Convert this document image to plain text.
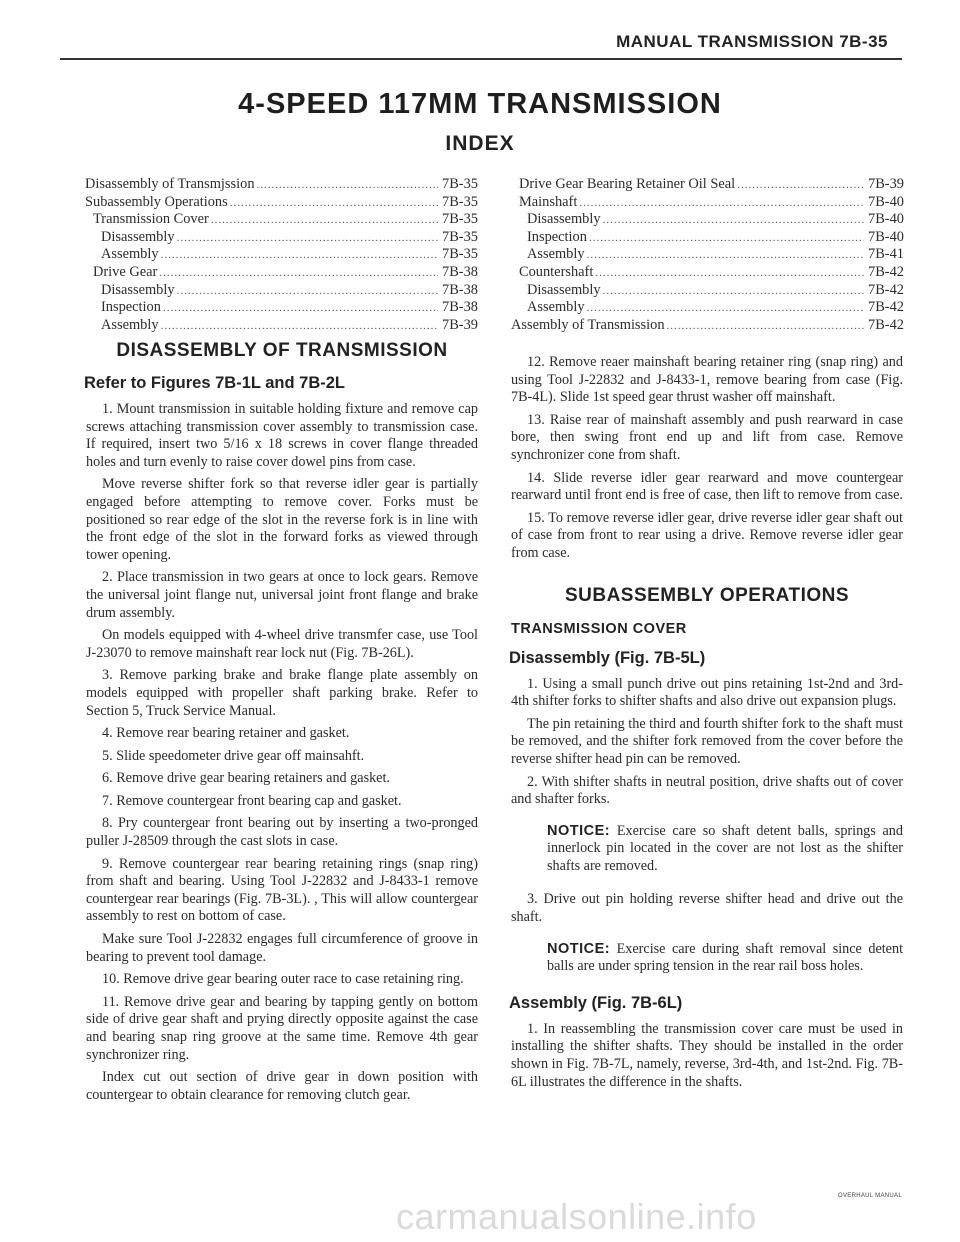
MANUAL TRANSMISSION 7B-35
4-SPEED 117MM TRANSMISSION
INDEX
Disassembly of Transmjssion .....	7B-35
Subassembly Operations .....	7B-35
Transmission Cover .....	7B-35
Disassembly .....	7B-35
Assembly .....	7B-35
Drive Gear .....	7B-38
Disassembly .....	7B-38
Inspection .....	7B-38
Assembly .....	7B-39
Drive Gear Bearing Retainer Oil Seal .....	7B-39
Mainshaft .....	7B-40
Disassembly .....	7B-40
Inspection .....	7B-40
Assembly .....	7B-41
Countershaft .....	7B-42
Disassembly .....	7B-42
Assembly .....	7B-42
Assembly of Transmission .....	7B-42
DISASSEMBLY OF TRANSMISSION
Refer to Figures 7B-1L and 7B-2L
1. Mount transmission in suitable holding fixture and remove cap screws attaching transmission cover assembly to transmission case. If required, insert two 5/16 x 18 screws in cover flange threaded holes and turn evenly to raise cover dowel pins from case.
Move reverse shifter fork so that reverse idler gear is partially engaged before attempting to remove cover. Forks must be positioned so rear edge of the slot in the reverse fork is in line with the front edge of the slot in the forward forks as viewed through tower opening.
2. Place transmission in two gears at once to lock gears. Remove the universal joint flange nut, universal joint front flange and brake drum assembly.
On models equipped with 4-wheel drive transmfer case, use Tool J-23070 to remove mainshaft rear lock nut (Fig. 7B-26L).
3. Remove parking brake and brake flange plate assembly on models equipped with propeller shaft parking brake. Refer to Section 5, Truck Service Manual.
4. Remove rear bearing retainer and gasket.
5. Slide speedometer drive gear off mainsahft.
6. Remove drive gear bearing retainers and gasket.
7. Remove countergear front bearing cap and gasket.
8. Pry countergear front bearing out by inserting a two-pronged puller J-28509 through the cast slots in case.
9. Remove countergear rear bearing retaining rings (snap ring) from shaft and bearing. Using Tool J-22832 and J-8433-1 remove countergear rear bearings (Fig. 7B-3L). , This will allow countergear assembly to rest on bottom of case.
Make sure Tool J-22832 engages full circumference of groove in bearing to prevent tool damage.
10. Remove drive gear bearing outer race to case retaining ring.
11. Remove drive gear and bearing by tapping gently on bottom side of drive gear shaft and prying directly opposite against the case and bearing snap ring groove at the same time. Remove 4th gear synchronizer ring.
Index cut out section of drive gear in down position with countergear to obtain clearance for removing clutch gear.
12. Remove reaer mainshaft bearing retainer ring (snap ring) and using Tool J-22832 and J-8433-1, remove bearing from case (Fig. 7B-4L). Slide 1st speed gear thrust washer off mainshaft.
13. Raise rear of mainshaft assembly and push rearward in case bore, then swing front end up and lift from case. Remove synchronizer cone from shaft.
14. Slide reverse idler gear rearward and move countergear rearward until front end is free of case, then lift to remove from case.
15. To remove reverse idler gear, drive reverse idler gear shaft out of case from front to rear using a drive. Remove reverse idler gear from case.
SUBASSEMBLY OPERATIONS
TRANSMISSION COVER
Disassembly (Fig. 7B-5L)
1. Using a small punch drive out pins retaining 1st-2nd and 3rd-4th shifter forks to shifter shafts and also drive out expansion plugs.
The pin retaining the third and fourth shifter fork to the shaft must be removed, and the shifter fork removed from the cover before the reverse shifter head pin can be removed.
2. With shifter shafts in neutral position, drive shafts out of cover and shafter forks.
NOTICE: Exercise care so shaft detent balls, springs and innerlock pin located in the cover are not lost as the shifter shafts are removed.
3. Drive out pin holding reverse shifter head and drive out the shaft.
NOTICE: Exercise care during shaft removal since detent balls are under spring tension in the rear rail boss holes.
Assembly (Fig. 7B-6L)
1. In reassembling the transmission cover care must be used in installing the shifter shafts. They should be installed in the order shown in Fig. 7B-7L, namely, reverse, 3rd-4th, and 1st-2nd. Fig. 7B-6L illustrates the difference in the shafts.
OVERHAUL MANUAL
carmanualsonline.info
